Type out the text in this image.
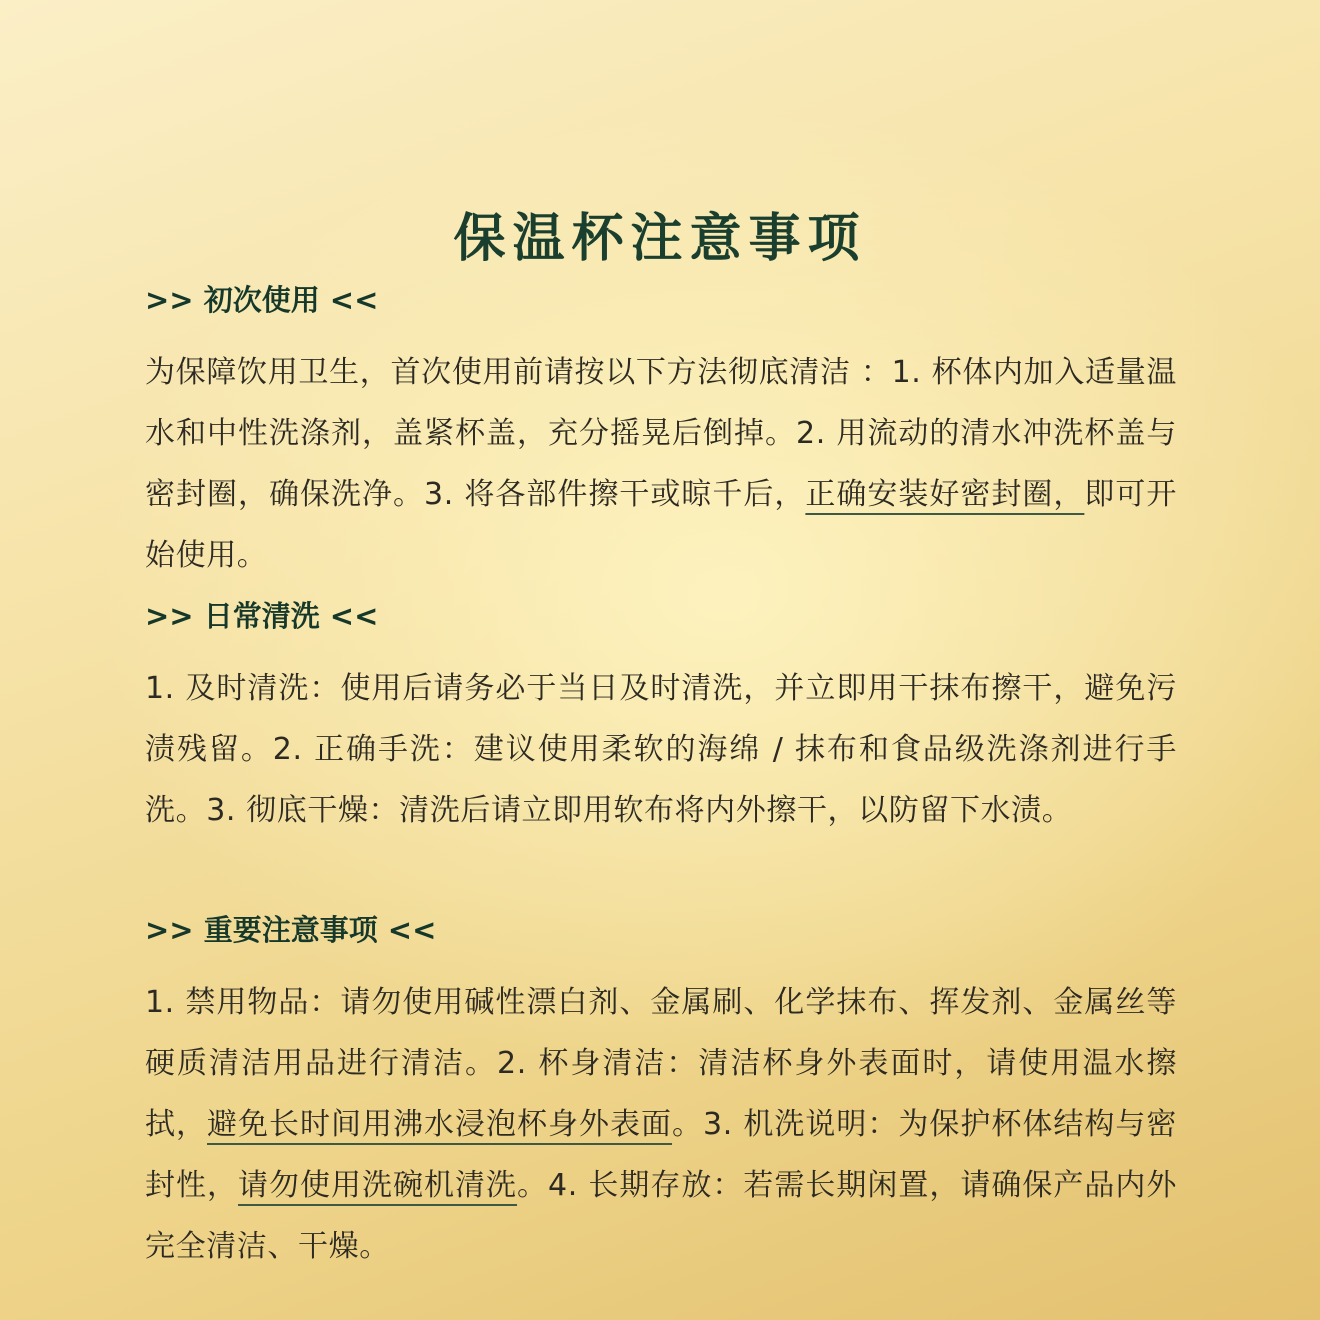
保温杯注意事项
>> 初次使用 <<
为保障饮用卫生，首次使用前请按以下方法彻底清洁 ：1. 杯体内加入适量温水和中性洗涤剂，盖紧杯盖，充分摇晃后倒掉。2. 用流动的清水冲洗杯盖与密封圈，确保洗净。3. 将各部件擦干或晾千后，正确安装好密封圈，即可开始使用。
>> 日常清洗 <<
1. 及时清洗：使用后请务必于当日及时清洗，并立即用干抹布擦干，避免污渍残留。2. 正确手洗：建议使用柔软的海绵 / 抹布和食品级洗涤剂进行手洗。3. 彻底干燥：清洗后请立即用软布将内外擦干，以防留下水渍。
>> 重要注意事项 <<
1. 禁用物品：请勿使用碱性漂白剂、金属刷、化学抹布、挥发剂、金属丝等硬质清洁用品进行清洁。2. 杯身清洁：清洁杯身外表面时，请使用温水擦拭，避免长时间用沸水浸泡杯身外表面。3. 机洗说明：为保护杯体结构与密封性，请勿使用洗碗机清洗。4. 长期存放：若需长期闲置，请确保产品内外完全清洁、干燥。
